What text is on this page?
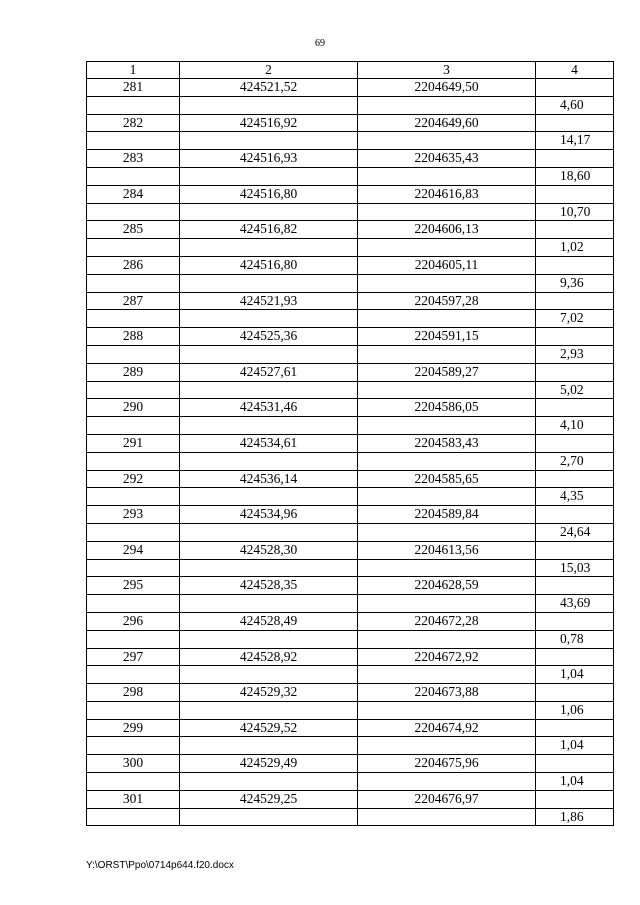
69
1	2	3	4
281	424521,52	2204649,50	
			4,60
282	424516,92	2204649,60	
			14,17
283	424516,93	2204635,43	
			18,60
284	424516,80	2204616,83	
			10,70
285	424516,82	2204606,13	
			1,02
286	424516,80	2204605,11	
			9,36
287	424521,93	2204597,28	
			7,02
288	424525,36	2204591,15	
			2,93
289	424527,61	2204589,27	
			5,02
290	424531,46	2204586,05	
			4,10
291	424534,61	2204583,43	
			2,70
292	424536,14	2204585,65	
			4,35
293	424534,96	2204589,84	
			24,64
294	424528,30	2204613,56	
			15,03
295	424528,35	2204628,59	
			43,69
296	424528,49	2204672,28	
			0,78
297	424528,92	2204672,92	
			1,04
298	424529,32	2204673,88	
			1,06
299	424529,52	2204674,92	
			1,04
300	424529,49	2204675,96	
			1,04
301	424529,25	2204676,97	
			1,86
Y:\ORST\Ppo\0714p644.f20.docx
